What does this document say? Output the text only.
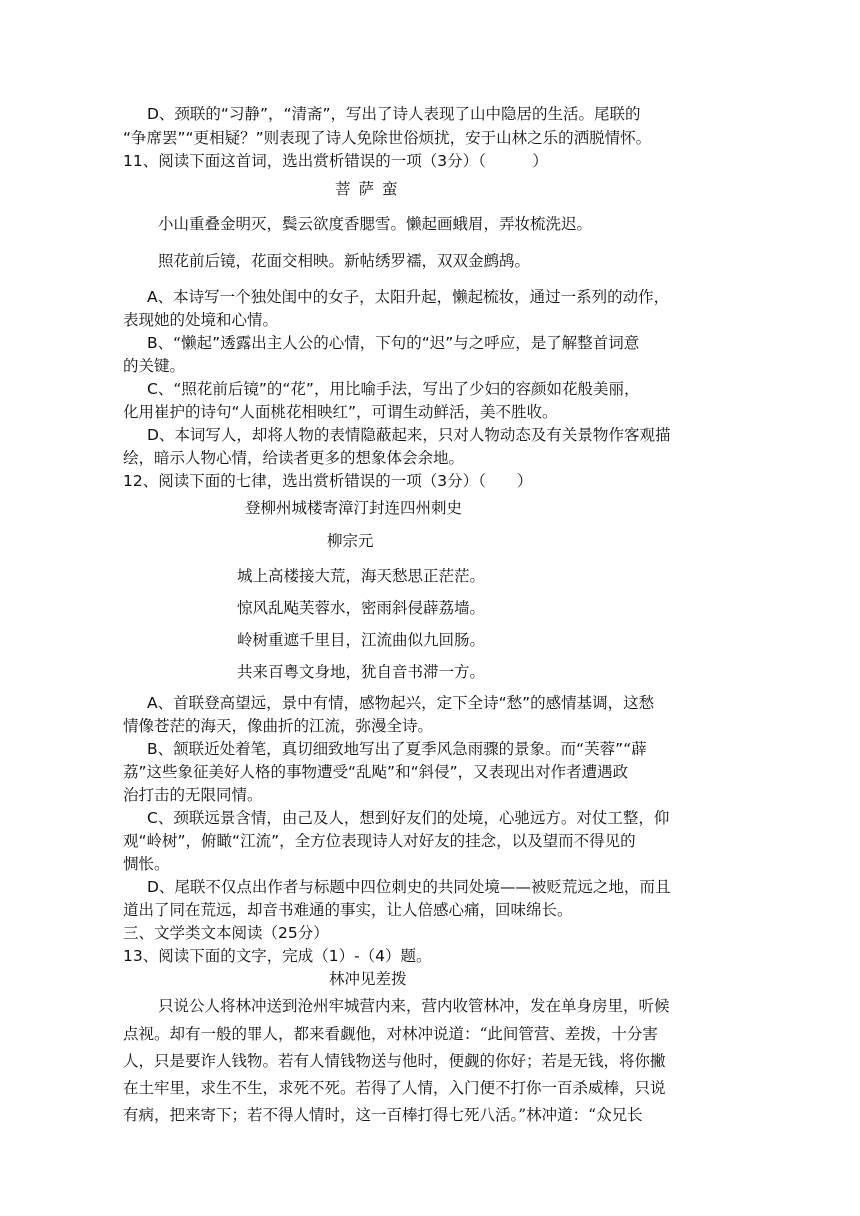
D、颈联的“习静”，“清斋”，写出了诗人表现了山中隐居的生活。尾联的
“争席罢”“更相疑？”则表现了诗人免除世俗烦扰，安于山林之乐的洒脱情怀。
11、阅读下面这首词，选出赏析错误的一项（3分）（　　　）
菩萨蛮
小山重叠金明灭，鬓云欲度香腮雪。懒起画蛾眉，弄妆梳洗迟。
照花前后镜，花面交相映。新帖绣罗襦，双双金鹧鸪。
A、本诗写一个独处闺中的女子，太阳升起，懒起梳妆，通过一系列的动作，
表现她的处境和心情。
B、“懒起”透露出主人公的心情，下句的“迟”与之呼应，是了解整首词意
的关键。
C、“照花前后镜”的“花”，用比喻手法，写出了少妇的容颜如花般美丽，
化用崔护的诗句“人面桃花相映红”，可谓生动鲜活，美不胜收。
D、本词写人，却将人物的表情隐蔽起来，只对人物动态及有关景物作客观描
绘，暗示人物心情，给读者更多的想象体会余地。
12、阅读下面的七律，选出赏析错误的一项（3分）（　　）
登柳州城楼寄漳汀封连四州刺史
柳宗元
城上高楼接大荒，海天愁思正茫茫。
惊风乱飐芙蓉水，密雨斜侵薜荔墙。
岭树重遮千里目，江流曲似九回肠。
共来百粤文身地，犹自音书滞一方。
A、首联登高望远，景中有情，感物起兴，定下全诗“愁”的感情基调，这愁
情像苍茫的海天，像曲折的江流，弥漫全诗。
B、颔联近处着笔，真切细致地写出了夏季风急雨骤的景象。而“芙蓉”“薜
荔”这些象征美好人格的事物遭受“乱飐”和“斜侵”，又表现出对作者遭遇政
治打击的无限同情。
C、颈联远景含情，由己及人，想到好友们的处境，心驰远方。对仗工整，仰
观“岭树”，俯瞰“江流”，全方位表现诗人对好友的挂念，以及望而不得见的
惆怅。
D、尾联不仅点出作者与标题中四位刺史的共同处境——被贬荒远之地，而且
道出了同在荒远，却音书难通的事实，让人倍感心痛，回味绵长。
三、文学类文本阅读（25分）
13、阅读下面的文字，完成（1）-（4）题。
林冲见差拨
只说公人将林冲送到沧州牢城营内来，营内收管林冲，发在单身房里，听候
点视。却有一般的罪人，都来看觑他，对林冲说道：“此间管营、差拨，十分害
人，只是要诈人钱物。若有人情钱物送与他时，便觑的你好；若是无钱，将你撇
在土牢里，求生不生，求死不死。若得了人情，入门便不打你一百杀威棒，只说
有病，把来寄下；若不得人情时，这一百棒打得七死八活。”林冲道：“众兄长
